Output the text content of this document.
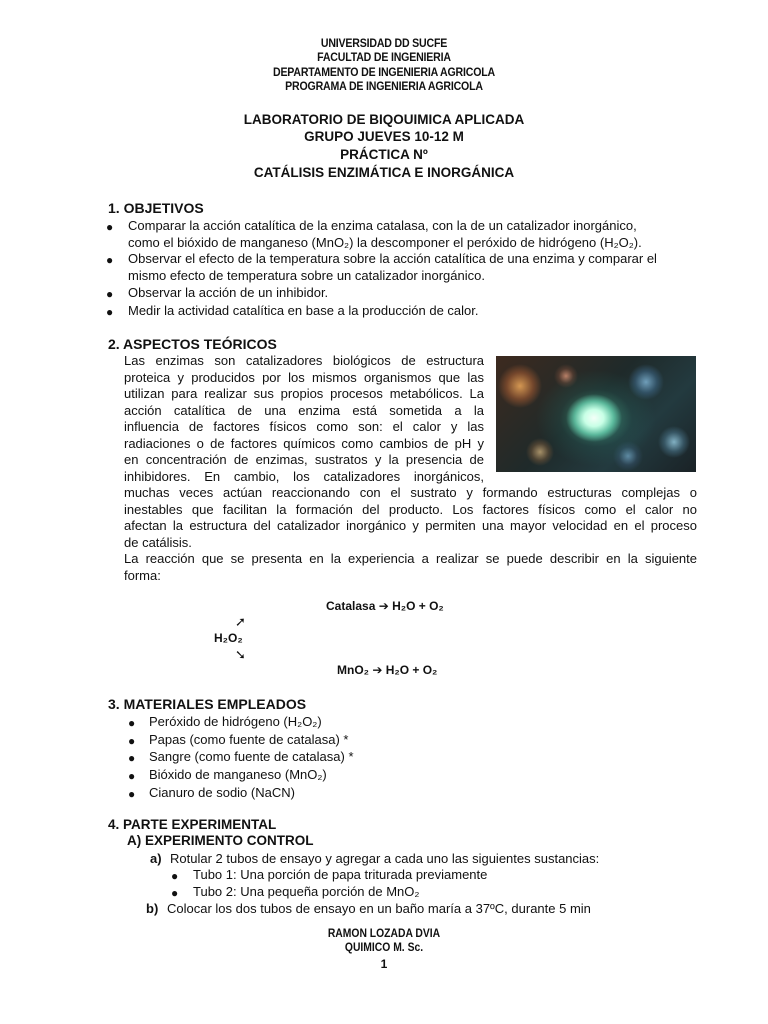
UNIVERSIDAD DD SUCFE
FACULTAD DE INGENIERIA
DEPARTAMENTO DE INGENIERIA AGRICOLA
PROGRAMA DE INGENIERIA AGRICOLA
LABORATORIO DE BIQOUIMICA APLICADA
GRUPO JUEVES 10-12 M
PRÁCTICA Nº
CATÁLISIS ENZIMÁTICA E INORGÁNICA
1. OBJETIVOS
● Comparar la acción catalítica de la enzima catalasa, con la de un catalizador inorgánico,
como el bióxido de manganeso (MnO₂) la descomponer el peróxido de hidrógeno (H₂O₂).
● Observar el efecto de la temperatura sobre la acción catalítica de una enzima y comparar el
mismo efecto de temperatura sobre un catalizador inorgánico.
● Observar la acción de un inhibidor.
● Medir la actividad catalítica en base a la producción de calor.
2. ASPECTOS TEÓRICOS
Las enzimas son catalizadores biológicos de estructura
proteica y producidos por los mismos organismos que las
utilizan para realizar sus propios procesos metabólicos. La
acción catalítica de una enzima está sometida a la
influencia de factores físicos como son: el calor y las
radiaciones o de factores químicos como cambios de pH y
en concentración de enzimas, sustratos y la presencia de
inhibidores. En cambio, los catalizadores inorgánicos,
muchas veces actúan reaccionando con el sustrato y formando estructuras complejas o
inestables que facilitan la formación del producto. Los factores físicos como el calor no
afectan la estructura del catalizador inorgánico y permiten una mayor velocidad en el proceso
de catálisis.
La reacción que se presenta en la experiencia a realizar se puede describir en la siguiente
forma:
Catalasa ➔ H₂O + O₂
➚
H₂O₂
➘
MnO₂ ➔ H₂O + O₂
3. MATERIALES EMPLEADOS
● Peróxido de hidrógeno (H₂O₂)
● Papas (como fuente de catalasa) *
● Sangre (como fuente de catalasa) *
● Bióxido de manganeso (MnO₂)
● Cianuro de sodio (NaCN)
4. PARTE EXPERIMENTAL
A) EXPERIMENTO CONTROL
a) Rotular 2 tubos de ensayo y agregar a cada uno las siguientes sustancias:
● Tubo 1: Una porción de papa triturada previamente
● Tubo 2: Una pequeña porción de MnO₂
b) Colocar los dos tubos de ensayo en un baño maría a 37ºC, durante 5 min
RAMON LOZADA DVIA
QUIMICO M. Sc.
1
